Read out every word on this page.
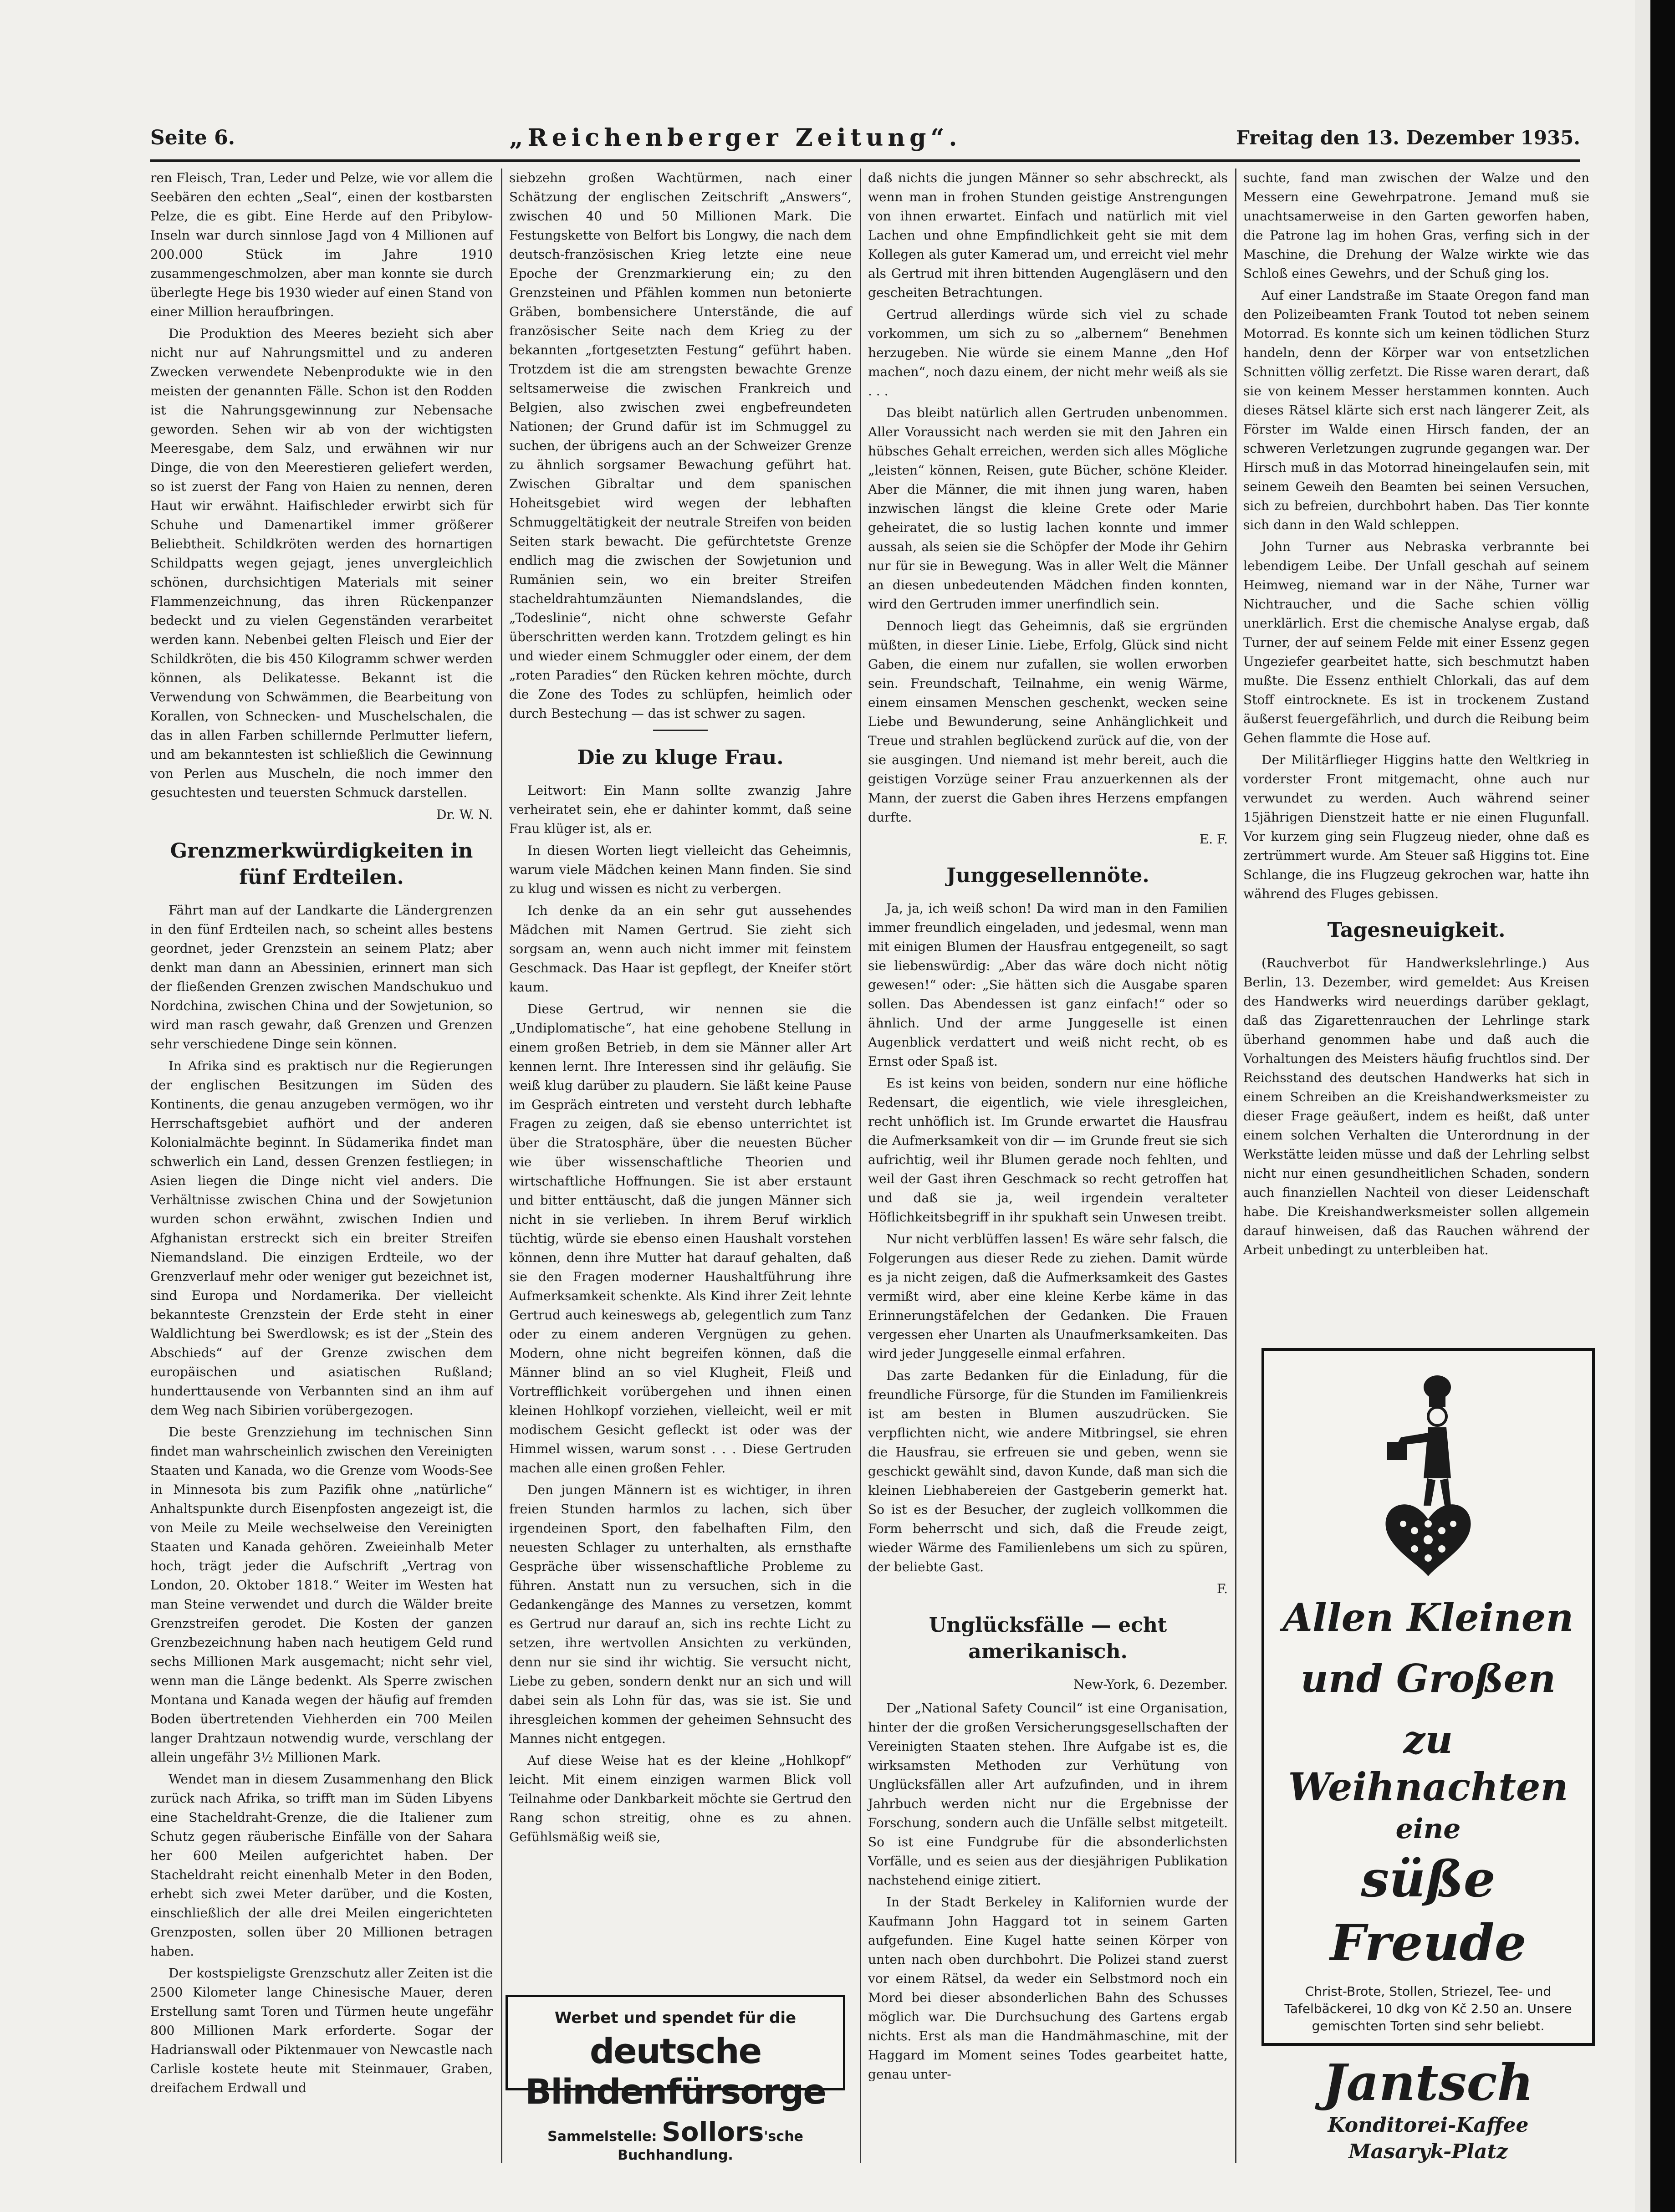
Seite 6.	„Reichenberger Zeitung“.	Freitag den 13. Dezember 1935.

ren Fleisch, Tran, Leder und Pelze, wie vor allem die Seebären den echten „Seal“, einen der kostbarsten Pelze, die es gibt. Eine Herde auf den Pribylow-Inseln war durch sinnlose Jagd von 4 Millionen auf 200.000 Stück im Jahre 1910 zusammengeschmolzen, aber man konnte sie durch überlegte Hege bis 1930 wieder auf einen Stand von einer Million heraufbringen.

Die Produktion des Meeres bezieht sich aber nicht nur auf Nahrungsmittel und zu anderen Zwecken verwendete Nebenprodukte wie in den meisten der genannten Fälle. Schon ist den Rodden ist die Nahrungsgewinnung zur Nebensache geworden. Sehen wir ab von der wichtigsten Meeresgabe, dem Salz, und erwähnen wir nur Dinge, die von den Meerestieren geliefert werden, so ist zuerst der Fang von Haien zu nennen, deren Haut wir erwähnt. Haifischleder erwirbt sich für Schuhe und Damenartikel immer größerer Beliebtheit. Schildkröten werden des hornartigen Schildpatts wegen gejagt, jenes unvergleichlich schönen, durchsichtigen Materials mit seiner Flammenzeichnung, das ihren Rückenpanzer bedeckt und zu vielen Gegenständen verarbeitet werden kann. Nebenbei gelten Fleisch und Eier der Schildkröten, die bis 450 Kilogramm schwer werden können, als Delikatesse. Bekannt ist die Verwendung von Schwämmen, die Bearbeitung von Korallen, von Schnecken- und Muschelschalen, die das in allen Farben schillernde Perlmutter liefern, und am bekanntesten ist schließlich die Gewinnung von Perlen aus Muscheln, die noch immer den gesuchtesten und teuersten Schmuck darstellen.

Dr. W. N.
Grenzmerkwürdigkeiten in fünf Erdteilen.

Fährt man auf der Landkarte die Ländergrenzen in den fünf Erdteilen nach, so scheint alles bestens geordnet, jeder Grenzstein an seinem Platz; aber denkt man dann an Abessinien, erinnert man sich der fließenden Grenzen zwischen Mandschukuo und Nordchina, zwischen China und der Sowjetunion, so wird man rasch gewahr, daß Grenzen und Grenzen sehr verschiedene Dinge sein können.

In Afrika sind es praktisch nur die Regierungen der englischen Besitzungen im Süden des Kontinents, die genau anzugeben vermögen, wo ihr Herrschaftsgebiet aufhört und der anderen Kolonialmächte beginnt. In Südamerika findet man schwerlich ein Land, dessen Grenzen festliegen; in Asien liegen die Dinge nicht viel anders. Die Verhältnisse zwischen China und der Sowjetunion wurden schon erwähnt, zwischen Indien und Afghanistan erstreckt sich ein breiter Streifen Niemandsland. Die einzigen Erdteile, wo der Grenzverlauf mehr oder weniger gut bezeichnet ist, sind Europa und Nordamerika. Der vielleicht bekannteste Grenzstein der Erde steht in einer Waldlichtung bei Swerdlowsk; es ist der „Stein des Abschieds“ auf der Grenze zwischen dem europäischen und asiatischen Rußland; hunderttausende von Verbannten sind an ihm auf dem Weg nach Sibirien vorübergezogen.

Die beste Grenzziehung im technischen Sinn findet man wahrscheinlich zwischen den Vereinigten Staaten und Kanada, wo die Grenze vom Woods-See in Minnesota bis zum Pazifik ohne „natürliche“ Anhaltspunkte durch Eisenpfosten angezeigt ist, die von Meile zu Meile wechselweise den Vereinigten Staaten und Kanada gehören. Zweieinhalb Meter hoch, trägt jeder die Aufschrift „Vertrag von London, 20. Oktober 1818.“ Weiter im Westen hat man Steine verwendet und durch die Wälder breite Grenzstreifen gerodet. Die Kosten der ganzen Grenzbezeichnung haben nach heutigem Geld rund sechs Millionen Mark ausgemacht; nicht sehr viel, wenn man die Länge bedenkt. Als Sperre zwischen Montana und Kanada wegen der häufig auf fremden Boden übertretenden Viehherden ein 700 Meilen langer Drahtzaun notwendig wurde, verschlang der allein ungefähr 3½ Millionen Mark.

Wendet man in diesem Zusammenhang den Blick zurück nach Afrika, so trifft man im Süden Libyens eine Stacheldraht-Grenze, die die Italiener zum Schutz gegen räuberische Einfälle von der Sahara her 600 Meilen aufgerichtet haben. Der Stacheldraht reicht einenhalb Meter in den Boden, erhebt sich zwei Meter darüber, und die Kosten, einschließlich der alle drei Meilen eingerichteten Grenzposten, sollen über 20 Millionen betragen haben.

Der kostspieligste Grenzschutz aller Zeiten ist die 2500 Kilometer lange Chinesische Mauer, deren Erstellung samt Toren und Türmen heute ungefähr 800 Millionen Mark erforderte. Sogar der Hadrianswall oder Piktenmauer von Newcastle nach Carlisle kostete heute mit Steinmauer, Graben, dreifachem Erdwall und

siebzehn großen Wachtürmen, nach einer Schätzung der englischen Zeitschrift „Answers“, zwischen 40 und 50 Millionen Mark. Die Festungskette von Belfort bis Longwy, die nach dem deutsch-französischen Krieg letzte eine neue Epoche der Grenzmarkierung ein; zu den Grenzsteinen und Pfählen kommen nun betonierte Gräben, bombensichere Unterstände, die auf französischer Seite nach dem Krieg zu der bekannten „fortgesetzten Festung“ geführt haben. Trotzdem ist die am strengsten bewachte Grenze seltsamerweise die zwischen Frankreich und Belgien, also zwischen zwei engbefreundeten Nationen; der Grund dafür ist im Schmuggel zu suchen, der übrigens auch an der Schweizer Grenze zu ähnlich sorgsamer Bewachung geführt hat. Zwischen Gibraltar und dem spanischen Hoheitsgebiet wird wegen der lebhaften Schmuggeltätigkeit der neutrale Streifen von beiden Seiten stark bewacht. Die gefürchtetste Grenze endlich mag die zwischen der Sowjetunion und Rumänien sein, wo ein breiter Streifen stacheldrahtumzäunten Niemandslandes, die „Todeslinie“, nicht ohne schwerste Gefahr überschritten werden kann. Trotzdem gelingt es hin und wieder einem Schmuggler oder einem, der dem „roten Paradies“ den Rücken kehren möchte, durch die Zone des Todes zu schlüpfen, heimlich oder durch Bestechung — das ist schwer zu sagen.

Die zu kluge Frau.

Leitwort: Ein Mann sollte zwanzig Jahre verheiratet sein, ehe er dahinter kommt, daß seine Frau klüger ist, als er.

In diesen Worten liegt vielleicht das Geheimnis, warum viele Mädchen keinen Mann finden. Sie sind zu klug und wissen es nicht zu verbergen.

Ich denke da an ein sehr gut aussehendes Mädchen mit Namen Gertrud. Sie zieht sich sorgsam an, wenn auch nicht immer mit feinstem Geschmack. Das Haar ist gepflegt, der Kneifer stört kaum.

Diese Gertrud, wir nennen sie die „Undiplomatische“, hat eine gehobene Stellung in einem großen Betrieb, in dem sie Männer aller Art kennen lernt. Ihre Interessen sind ihr geläufig. Sie weiß klug darüber zu plaudern. Sie läßt keine Pause im Gespräch eintreten und versteht durch lebhafte Fragen zu zeigen, daß sie ebenso unterrichtet ist über die Stratosphäre, über die neuesten Bücher wie über wissenschaftliche Theorien und wirtschaftliche Hoffnungen. Sie ist aber erstaunt und bitter enttäuscht, daß die jungen Männer sich nicht in sie verlieben. In ihrem Beruf wirklich tüchtig, würde sie ebenso einen Haushalt vorstehen können, denn ihre Mutter hat darauf gehalten, daß sie den Fragen moderner Haushaltführung ihre Aufmerksamkeit schenkte. Als Kind ihrer Zeit lehnte Gertrud auch keineswegs ab, gelegentlich zum Tanz oder zu einem anderen Vergnügen zu gehen. Modern, ohne nicht begreifen können, daß die Männer blind an so viel Klugheit, Fleiß und Vortrefflichkeit vorübergehen und ihnen einen kleinen Hohlkopf vorziehen, vielleicht, weil er mit modischem Gesicht gefleckt ist oder was der Himmel wissen, warum sonst . . . Diese Gertruden machen alle einen großen Fehler.

Den jungen Männern ist es wichtiger, in ihren freien Stunden harmlos zu lachen, sich über irgendeinen Sport, den fabelhaften Film, den neuesten Schlager zu unterhalten, als ernsthafte Gespräche über wissenschaftliche Probleme zu führen. Anstatt nun zu versuchen, sich in die Gedankengänge des Mannes zu versetzen, kommt es Gertrud nur darauf an, sich ins rechte Licht zu setzen, ihre wertvollen Ansichten zu verkünden, denn nur sie sind ihr wichtig. Sie versucht nicht, Liebe zu geben, sondern denkt nur an sich und will dabei sein als Lohn für das, was sie ist. Sie und ihresgleichen kommen der geheimen Sehnsucht des Mannes nicht entgegen.

Auf diese Weise hat es der kleine „Hohlkopf“ leicht. Mit einem einzigen warmen Blick voll Teilnahme oder Dankbarkeit möchte sie Gertrud den Rang schon streitig, ohne es zu ahnen. Gefühlsmäßig weiß sie,

Werbet und spendet für die
deutsche Blindenfürsorge
Sammelstelle: Sollors'sche Buchhandlung.

daß nichts die jungen Männer so sehr abschreckt, als wenn man in frohen Stunden geistige Anstrengungen von ihnen erwartet. Einfach und natürlich mit viel Lachen und ohne Empfindlichkeit geht sie mit dem Kollegen als guter Kamerad um, und erreicht viel mehr als Gertrud mit ihren bittenden Augengläsern und den gescheiten Betrachtungen.

Gertrud allerdings würde sich viel zu schade vorkommen, um sich zu so „albernem“ Benehmen herzugeben. Nie würde sie einem Manne „den Hof machen“, noch dazu einem, der nicht mehr weiß als sie . . .

Das bleibt natürlich allen Gertruden unbenommen. Aller Voraussicht nach werden sie mit den Jahren ein hübsches Gehalt erreichen, werden sich alles Mögliche „leisten“ können, Reisen, gute Bücher, schöne Kleider. Aber die Männer, die mit ihnen jung waren, haben inzwischen längst die kleine Grete oder Marie geheiratet, die so lustig lachen konnte und immer aussah, als seien sie die Schöpfer der Mode ihr Gehirn nur für sie in Bewegung. Was in aller Welt die Männer an diesen unbedeutenden Mädchen finden konnten, wird den Gertruden immer unerfindlich sein.

Dennoch liegt das Geheimnis, daß sie ergründen müßten, in dieser Linie. Liebe, Erfolg, Glück sind nicht Gaben, die einem nur zufallen, sie wollen erworben sein. Freundschaft, Teilnahme, ein wenig Wärme, einem einsamen Menschen geschenkt, wecken seine Liebe und Bewunderung, seine Anhänglichkeit und Treue und strahlen beglückend zurück auf die, von der sie ausgingen. Und niemand ist mehr bereit, auch die geistigen Vorzüge seiner Frau anzuerkennen als der Mann, der zuerst die Gaben ihres Herzens empfangen durfte.

E. F.
Junggesellennöte.

Ja, ja, ich weiß schon! Da wird man in den Familien immer freundlich eingeladen, und jedesmal, wenn man mit einigen Blumen der Hausfrau entgegeneilt, so sagt sie liebenswürdig: „Aber das wäre doch nicht nötig gewesen!“ oder: „Sie hätten sich die Ausgabe sparen sollen. Das Abendessen ist ganz einfach!“ oder so ähnlich. Und der arme Junggeselle ist einen Augenblick verdattert und weiß nicht recht, ob es Ernst oder Spaß ist.

Es ist keins von beiden, sondern nur eine höfliche Redensart, die eigentlich, wie viele ihresgleichen, recht unhöflich ist. Im Grunde erwartet die Hausfrau die Aufmerksamkeit von dir — im Grunde freut sie sich aufrichtig, weil ihr Blumen gerade noch fehlten, und weil der Gast ihren Geschmack so recht getroffen hat und daß sie ja, weil irgendein veralteter Höflichkeitsbegriff in ihr spukhaft sein Unwesen treibt.

Nur nicht verblüffen lassen! Es wäre sehr falsch, die Folgerungen aus dieser Rede zu ziehen. Damit würde es ja nicht zeigen, daß die Aufmerksamkeit des Gastes vermißt wird, aber eine kleine Kerbe käme in das Erinnerungstäfelchen der Gedanken. Die Frauen vergessen eher Unarten als Unaufmerksamkeiten. Das wird jeder Junggeselle einmal erfahren.

Das zarte Bedanken für die Einladung, für die freundliche Fürsorge, für die Stunden im Familienkreis ist am besten in Blumen auszudrücken. Sie verpflichten nicht, wie andere Mitbringsel, sie ehren die Hausfrau, sie erfreuen sie und geben, wenn sie geschickt gewählt sind, davon Kunde, daß man sich die kleinen Liebhabereien der Gastgeberin gemerkt hat. So ist es der Besucher, der zugleich vollkommen die Form beherrscht und sich, daß die Freude zeigt, wieder Wärme des Familienlebens um sich zu spüren, der beliebte Gast.

F.
Unglücksfälle — echt amerikanisch.
New-York, 6. Dezember.

Der „National Safety Council“ ist eine Organisation, hinter der die großen Versicherungsgesellschaften der Vereinigten Staaten stehen. Ihre Aufgabe ist es, die wirksamsten Methoden zur Verhütung von Unglücksfällen aller Art aufzufinden, und in ihrem Jahrbuch werden nicht nur die Ergebnisse der Forschung, sondern auch die Unfälle selbst mitgeteilt. So ist eine Fundgrube für die absonderlichsten Vorfälle, und es seien aus der diesjährigen Publikation nachstehend einige zitiert.

In der Stadt Berkeley in Kalifornien wurde der Kaufmann John Haggard tot in seinem Garten aufgefunden. Eine Kugel hatte seinen Körper von unten nach oben durchbohrt. Die Polizei stand zuerst vor einem Rätsel, da weder ein Selbstmord noch ein Mord bei dieser absonderlichen Bahn des Schusses möglich war. Die Durchsuchung des Gartens ergab nichts. Erst als man die Handmähmaschine, mit der Haggard im Moment seines Todes gearbeitet hatte, genau unter-

suchte, fand man zwischen der Walze und den Messern eine Gewehrpatrone. Jemand muß sie unachtsamerweise in den Garten geworfen haben, die Patrone lag im hohen Gras, verfing sich in der Maschine, die Drehung der Walze wirkte wie das Schloß eines Gewehrs, und der Schuß ging los.

Auf einer Landstraße im Staate Oregon fand man den Polizeibeamten Frank Toutod tot neben seinem Motorrad. Es konnte sich um keinen tödlichen Sturz handeln, denn der Körper war von entsetzlichen Schnitten völlig zerfetzt. Die Risse waren derart, daß sie von keinem Messer herstammen konnten. Auch dieses Rätsel klärte sich erst nach längerer Zeit, als Förster im Walde einen Hirsch fanden, der an schweren Verletzungen zugrunde gegangen war. Der Hirsch muß in das Motorrad hineingelaufen sein, mit seinem Geweih den Beamten bei seinen Versuchen, sich zu befreien, durchbohrt haben. Das Tier konnte sich dann in den Wald schleppen.

John Turner aus Nebraska verbrannte bei lebendigem Leibe. Der Unfall geschah auf seinem Heimweg, niemand war in der Nähe, Turner war Nichtraucher, und die Sache schien völlig unerklärlich. Erst die chemische Analyse ergab, daß Turner, der auf seinem Felde mit einer Essenz gegen Ungeziefer gearbeitet hatte, sich beschmutzt haben mußte. Die Essenz enthielt Chlorkali, das auf dem Stoff eintrocknete. Es ist in trockenem Zustand äußerst feuergefährlich, und durch die Reibung beim Gehen flammte die Hose auf.

Der Militärflieger Higgins hatte den Weltkrieg in vorderster Front mitgemacht, ohne auch nur verwundet zu werden. Auch während seiner 15jährigen Dienstzeit hatte er nie einen Flugunfall. Vor kurzem ging sein Flugzeug nieder, ohne daß es zertrümmert wurde. Am Steuer saß Higgins tot. Eine Schlange, die ins Flugzeug gekrochen war, hatte ihn während des Fluges gebissen.

Tagesneuigkeit.

(Rauchverbot für Handwerkslehrlinge.) Aus Berlin, 13. Dezember, wird gemeldet: Aus Kreisen des Handwerks wird neuerdings darüber geklagt, daß das Zigarettenrauchen der Lehrlinge stark überhand genommen habe und daß auch die Vorhaltungen des Meisters häufig fruchtlos sind. Der Reichsstand des deutschen Handwerks hat sich in einem Schreiben an die Kreishandwerksmeister zu dieser Frage geäußert, indem es heißt, daß unter einem solchen Verhalten die Unterordnung in der Werkstätte leiden müsse und daß der Lehrling selbst nicht nur einen gesundheitlichen Schaden, sondern auch finanziellen Nachteil von dieser Leidenschaft habe. Die Kreishandwerksmeister sollen allgemein darauf hinweisen, daß das Rauchen während der Arbeit unbedingt zu unterbleiben hat.

Allen Kleinen
und Großen
zu Weihnachten
eine
süße Freude
Christ-Brote, Stollen, Striezel, Tee- und Tafelbäckerei, 10 dkg von Kč 2.50 an. Unsere gemischten Torten sind sehr beliebt.
Jantsch
Konditorei-Kaffee
Masaryk-Platz
